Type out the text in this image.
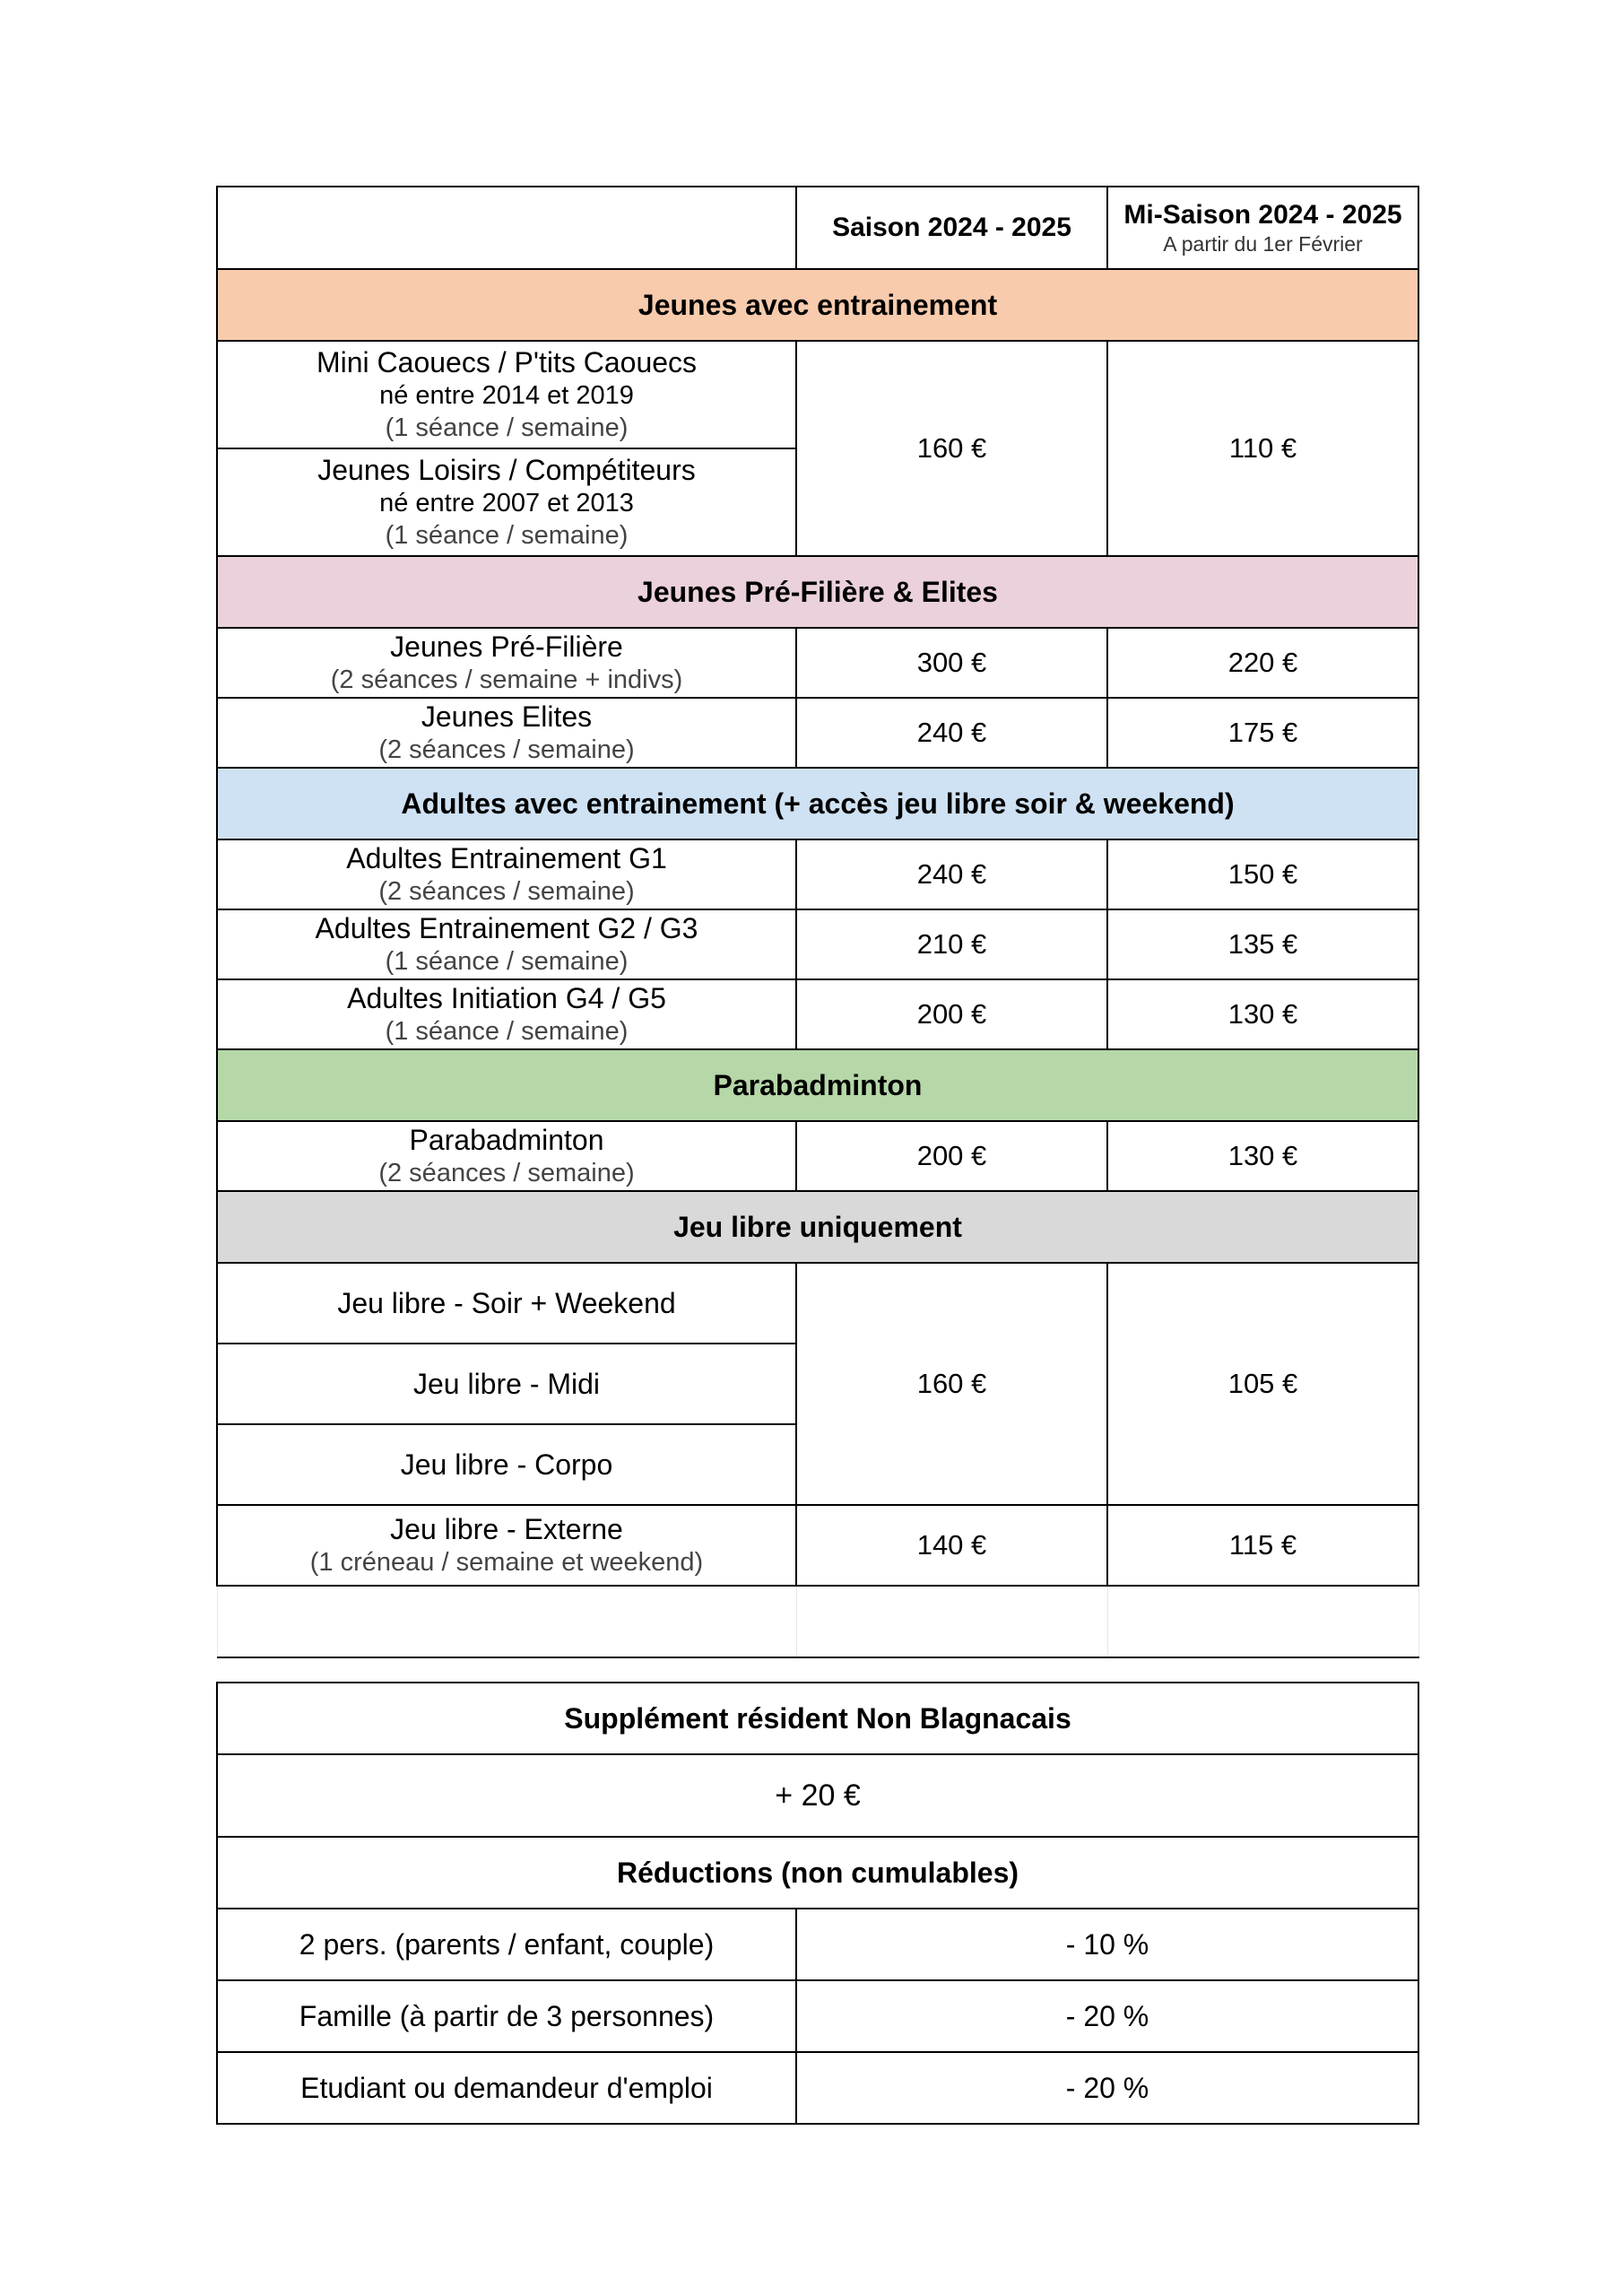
	Saison 2024 - 2025	Mi-Saison 2024 - 2025
A partir du 1er Février

Jeunes avec entrainement		

Mini Caouecs / P'tits Caouecs
né entre 2014 et 2019
(1 séance / semaine)	160 €	110 €

Jeunes Loisirs / Compétiteurs
né entre 2007 et 2013
(1 séance / semaine)		

Jeunes Pré-Filière & Elites		

Jeunes Pré-Filière
(2 séances / semaine + indivs)	300 €	220 €

Jeunes Elites
(2 séances / semaine)	240 €	175 €
Adultes avec entrainement (+ accès jeu libre soir & weekend)		

Adultes Entrainement G1
(2 séances / semaine)	240 €	150 €

Adultes Entrainement G2 / G3
(1 séance / semaine)	210 €	135 €

Adultes Initiation G4 / G5
(1 séance / semaine)	200 €	130 €
Parabadminton		

Parabadminton
(2 séances / semaine)	200 €	130 €
Jeu libre uniquement		

Jeu libre - Soir + Weekend	160 €	105 €

Jeu libre - Midi		

Jeu libre - Corpo		

Jeu libre - Externe
(1 créneau / semaine et weekend)	140 €	115 €

Supplément résident Non Blagnacais	
+ 20 €	
Réductions (non cumulables)	
2 pers. (parents / enfant, couple)	- 10 %
Famille (à partir de 3 personnes)	- 20 %
Etudiant ou demandeur d'emploi	- 20 %
